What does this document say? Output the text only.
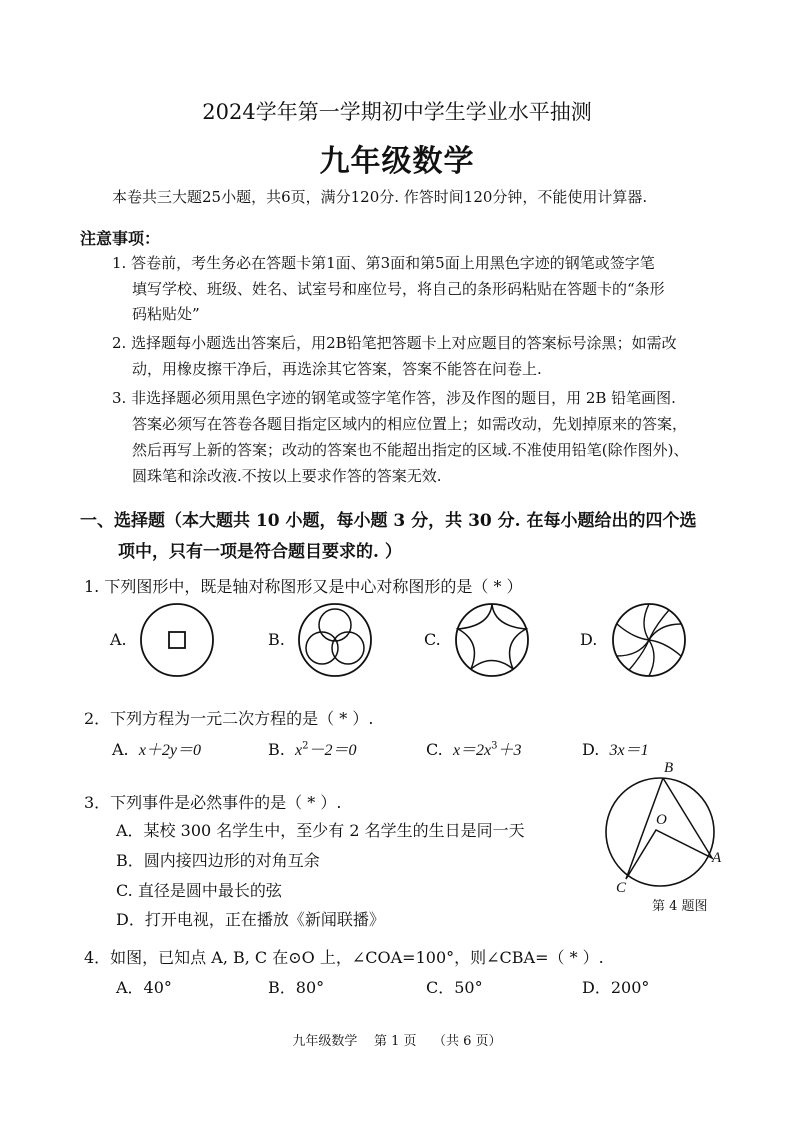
2024学年第一学期初中学生学业水平抽测
九年级数学
本卷共三大题25小题，共6页，满分120分. 作答时间120分钟，不能使用计算器.
注意事项：
1. 答卷前，考生务必在答题卡第1面、第3面和第5面上用黑色字迹的钢笔或签字笔
填写学校、班级、姓名、试室号和座位号，将自己的条形码粘贴在答题卡的“条形
码粘贴处”
2. 选择题每小题选出答案后，用2B铅笔把答题卡上对应题目的答案标号涂黑；如需改
动，用橡皮擦干净后，再选涂其它答案，答案不能答在问卷上.
3. 非选择题必须用黑色字迹的钢笔或签字笔作答，涉及作图的题目，用 2B 铅笔画图.
答案必须写在答卷各题目指定区域内的相应位置上；如需改动，先划掉原来的答案，
然后再写上新的答案；改动的答案也不能超出指定的区域.不准使用铅笔(除作图外)、
圆珠笔和涂改液.不按以上要求作答的答案无效.
一、选择题（本大题共 10 小题，每小题 3 分，共 30 分. 在每小题给出的四个选
项中，只有一项是符合题目要求的. ）
1. 下列图形中，既是轴对称图形又是中心对称图形的是（ * ）
A.	B.	C.	D.
2．下列方程为一元二次方程的是（ * ）.
A. x＋2y＝0	B. $x^2-2=0$	C. $x=2x^3+3$	D. 3x＝1
3．下列事件是必然事件的是（ * ）.
A．某校 300 名学生中，至少有 2 名学生的生日是同一天
B．圆内接四边形的对角互余
C. 直径是圆中最长的弦
D．打开电视，正在播放《新闻联播》
B
O
A
C
第 4 题图
4．如图，已知点 A, B, C 在⊙O 上，∠COA=100°，则∠CBA=（ * ）.
A．40°	B．80°	C．50°	D．200°
九年级数学    第 1 页    （共 6 页）
